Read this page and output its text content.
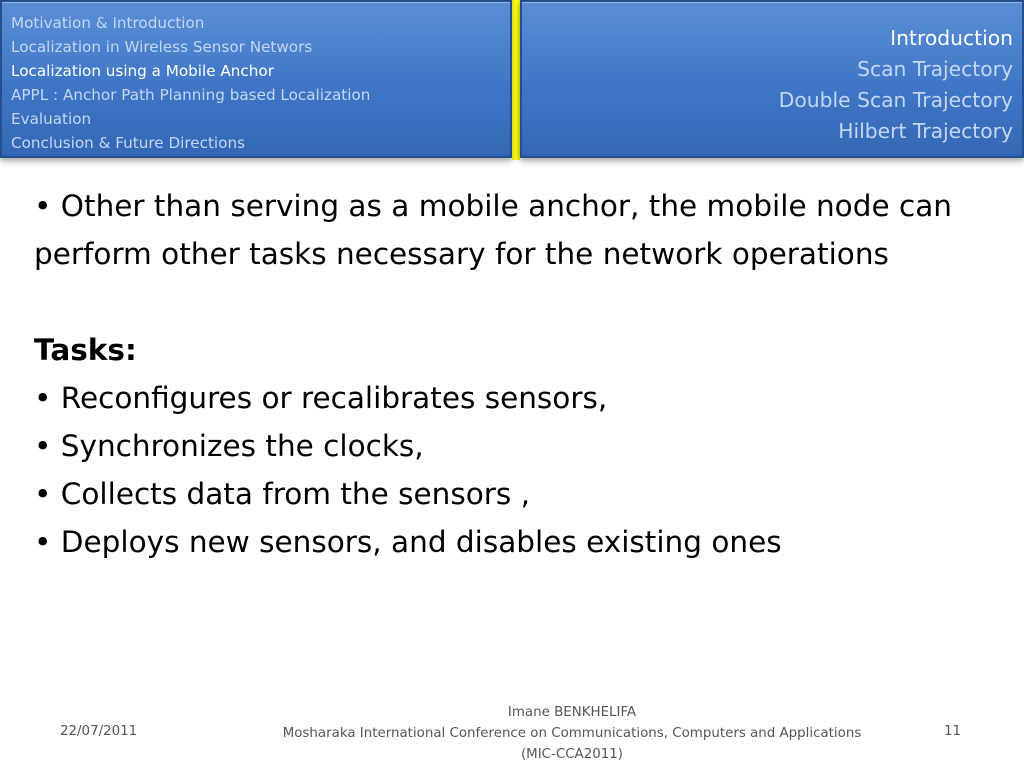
Motivation & Introduction
Localization in Wireless Sensor Networs
Localization using a Mobile Anchor
APPL : Anchor Path Planning based Localization
Evaluation
Conclusion & Future Directions
Introduction
Scan Trajectory
Double Scan Trajectory
Hilbert Trajectory

• Other than serving as a mobile anchor, the mobile node can perform other tasks necessary for the network operations

Tasks:

• Reconfigures or recalibrates sensors,

• Synchronizes the clocks,

• Collects data from the sensors ,

• Deploys new sensors, and disables existing ones

22/07/2011
Imane BENKHELIFA
Mosharaka International Conference on Communications, Computers and Applications
(MIC-CCA2011)
11
